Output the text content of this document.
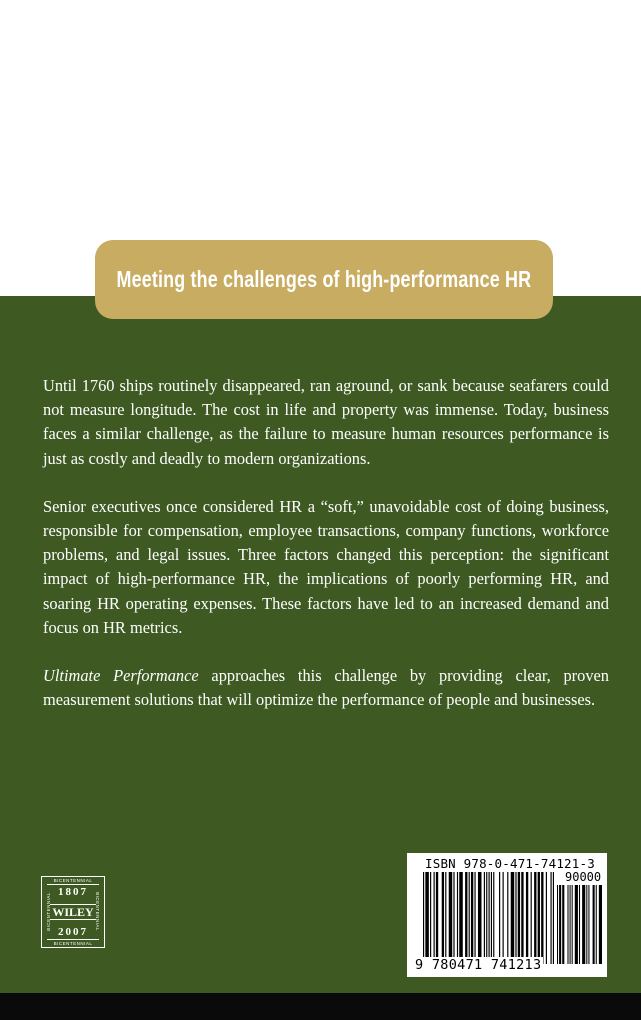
Meeting the challenges of high-performance HR

Until 1760 ships routinely disappeared, ran aground, or sank because seafarers could not measure longitude. The cost in life and property was immense. Today, business faces a similar challenge, as the failure to measure human resources performance is just as costly and deadly to modern organizations.

Senior executives once considered HR a “soft,” unavoidable cost of doing business, responsible for compensation, employee transactions, company functions, workforce problems, and legal issues. Three factors changed this perception: the significant impact of high-performance HR, the implications of poorly performing HR, and soaring HR operating expenses. These factors have led to an increased demand and focus on HR metrics.

Ultimate Performance approaches this challenge by providing clear, proven measurement solutions that will optimize the performance of people and businesses.

BICENTENNIAL
BICENTENNIAL
BICENTENNIAL	BICENTENNIAL
1807
WILEY
2007
ISBN 978-0-471-74121-3
90000
9 780471 741213
